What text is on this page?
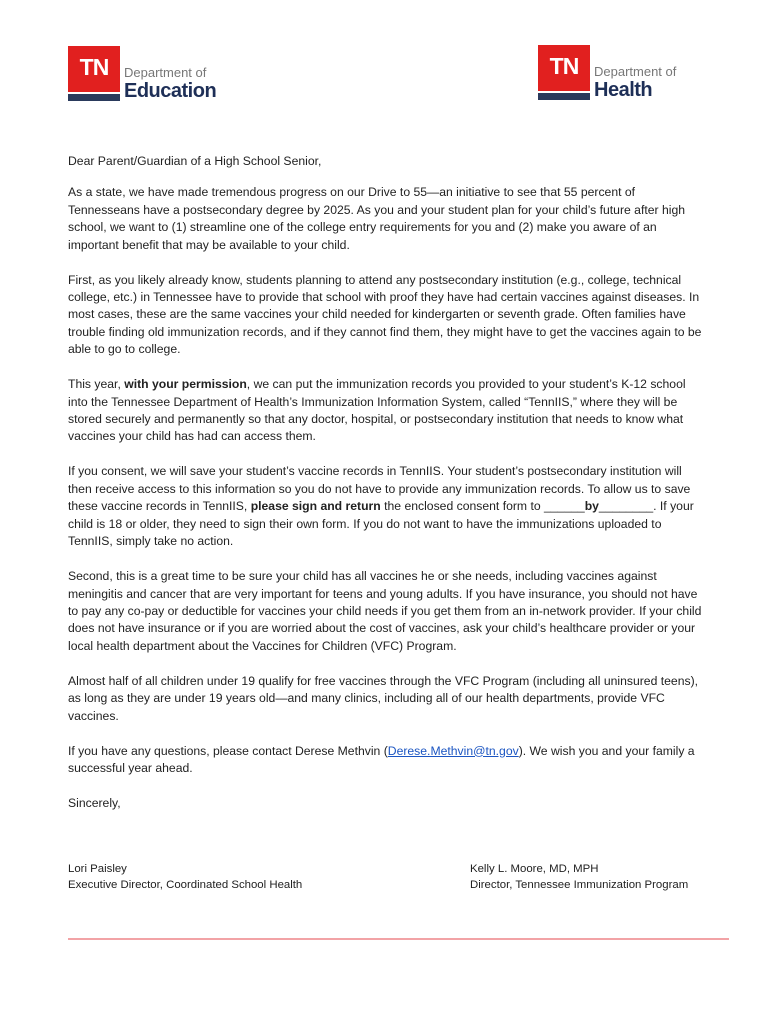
TN	Department of
Education
TN	Department of
Health

Dear Parent/Guardian of a High School Senior,

As a state, we have made tremendous progress on our Drive to 55—an initiative to see that 55 percent of Tennesseans have a postsecondary degree by 2025. As you and your student plan for your child’s future after high school, we want to (1) streamline one of the college entry requirements for you and (2) make you aware of an important benefit that may be available to your child.

First, as you likely already know, students planning to attend any postsecondary institution (e.g., college, technical college, etc.) in Tennessee have to provide that school with proof they have had certain vaccines against diseases. In most cases, these are the same vaccines your child needed for kindergarten or seventh grade. Often families have trouble finding old immunization records, and if they cannot find them, they might have to get the vaccines again to be able to go to college.

This year, with your permission, we can put the immunization records you provided to your student’s K-12 school into the Tennessee Department of Health’s Immunization Information System, called “TennIIS,” where they will be stored securely and permanently so that any doctor, hospital, or postsecondary institution that needs to know what vaccines your child has had can access them.

If you consent, we will save your student’s vaccine records in TennIIS. Your student’s postsecondary institution will then receive access to this information so you do not have to provide any immunization records. To allow us to save these vaccine records in TennIIS, please sign and return the enclosed consent form to ______by________. If your child is 18 or older, they need to sign their own form. If you do not want to have the immunizations uploaded to TennIIS, simply take no action.

Second, this is a great time to be sure your child has all vaccines he or she needs, including vaccines against meningitis and cancer that are very important for teens and young adults. If you have insurance, you should not have to pay any co-pay or deductible for vaccines your child needs if you get them from an in-network provider. If your child does not have insurance or if you are worried about the cost of vaccines, ask your child’s healthcare provider or your local health department about the Vaccines for Children (VFC) Program.

Almost half of all children under 19 qualify for free vaccines through the VFC Program (including all uninsured teens), as long as they are under 19 years old—and many clinics, including all of our health departments, provide VFC vaccines.

If you have any questions, please contact Derese Methvin (Derese.Methvin@tn.gov). We wish you and your family a successful year ahead.

Sincerely,

Lori Paisley
Executive Director, Coordinated School Health
Kelly L. Moore, MD, MPH
Director, Tennessee Immunization Program
